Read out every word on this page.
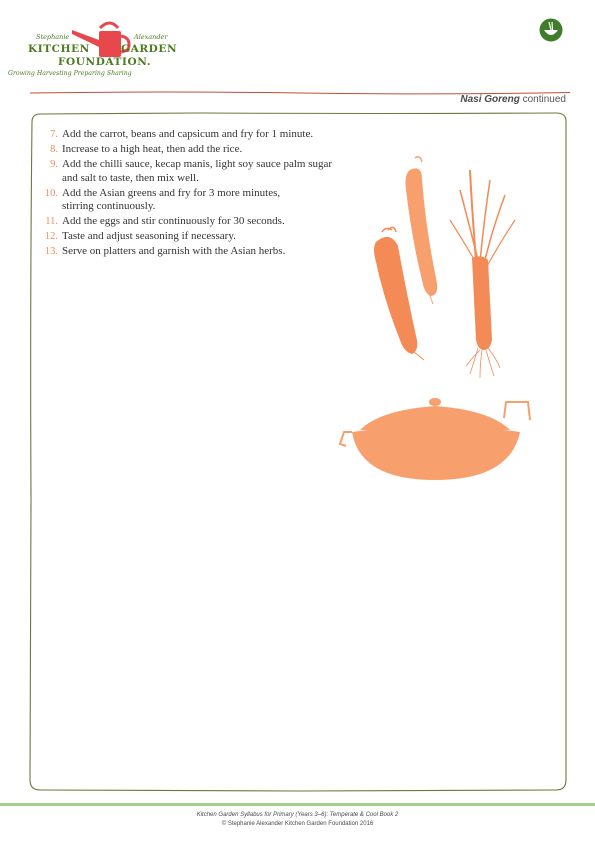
Stephanie	Alexander
KITCHEN	GARDEN
FOUNDATION.
Growing Harvesting Preparing Sharing
Nasi Goreng continued
7. Add the carrot, beans and capsicum and fry for 1 minute.
8. Increase to a high heat, then add the rice.
9. Add the chilli sauce, kecap manis, light soy sauce palm sugar
and salt to taste, then mix well.
10. Add the Asian greens and fry for 3 more minutes,
stirring continuously.
11. Add the eggs and stir continuously for 30 seconds.
12. Taste and adjust seasoning if necessary.
13. Serve on platters and garnish with the Asian herbs.
Kitchen Garden Syllabus for Primary (Years 3–6): Temperate & Cool Book 2
© Stephanie Alexander Kitchen Garden Foundation 2016
